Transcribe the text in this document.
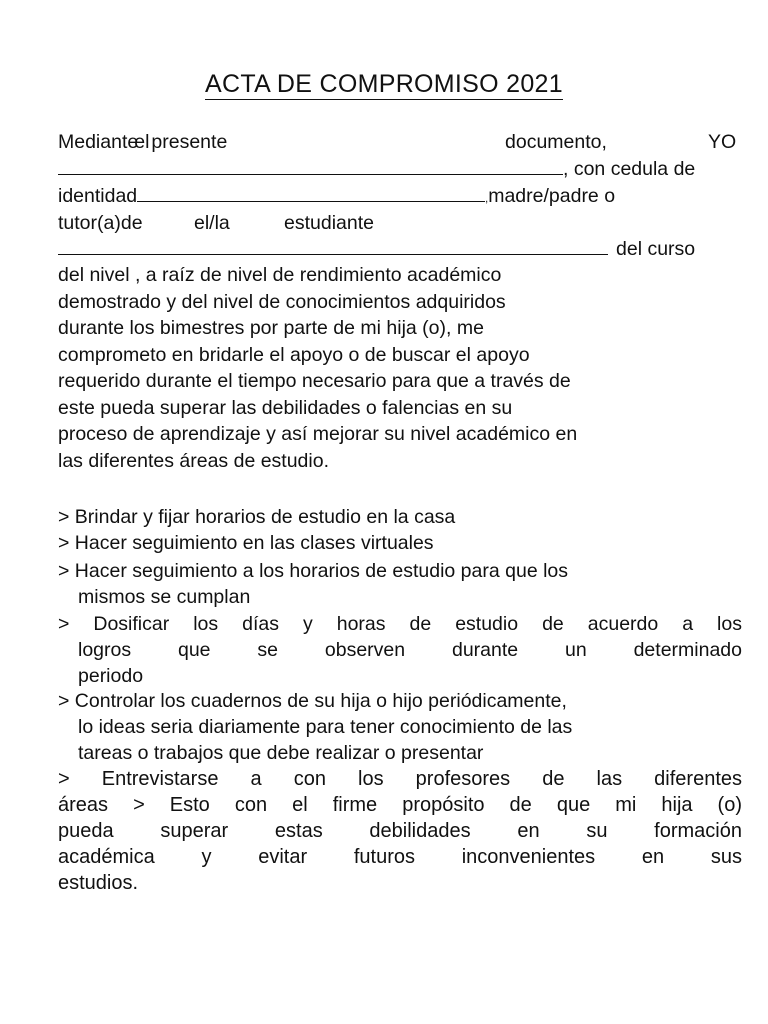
ACTA DE COMPROMISO 2021
Medianteel presente	documento,	YO
, con cedula de
identidad	,madre/padre o
tutor(a)de	el/la	estudiante
del curso
del nivel , a raíz de nivel de rendimiento académico
demostrado y del nivel de conocimientos adquiridos
durante los bimestres por parte de mi hija (o), me
comprometo en bridarle el apoyo o de buscar el apoyo
requerido durante el tiempo necesario para que a través de
este pueda superar las debilidades o falencias en su
proceso de aprendizaje y así mejorar su nivel académico en
las diferentes áreas de estudio.
> Brindar y fijar horarios de estudio en la casa
> Hacer seguimiento en las clases virtuales
> Hacer seguimiento a los horarios de estudio para que los
mismos se cumplan
> Dosificar los días y horas de estudio de acuerdo a los
logros que se observen durante un determinado
periodo
> Controlar los cuadernos de su hija o hijo periódicamente,
lo ideas seria diariamente para tener conocimiento de las
tareas o trabajos que debe realizar o presentar
> Entrevistarse a con los profesores de las diferentes
áreas > Esto con el firme propósito de que mi hija (o)
pueda superar estas debilidades en su formación
académica y evitar futuros inconvenientes en sus
estudios.
